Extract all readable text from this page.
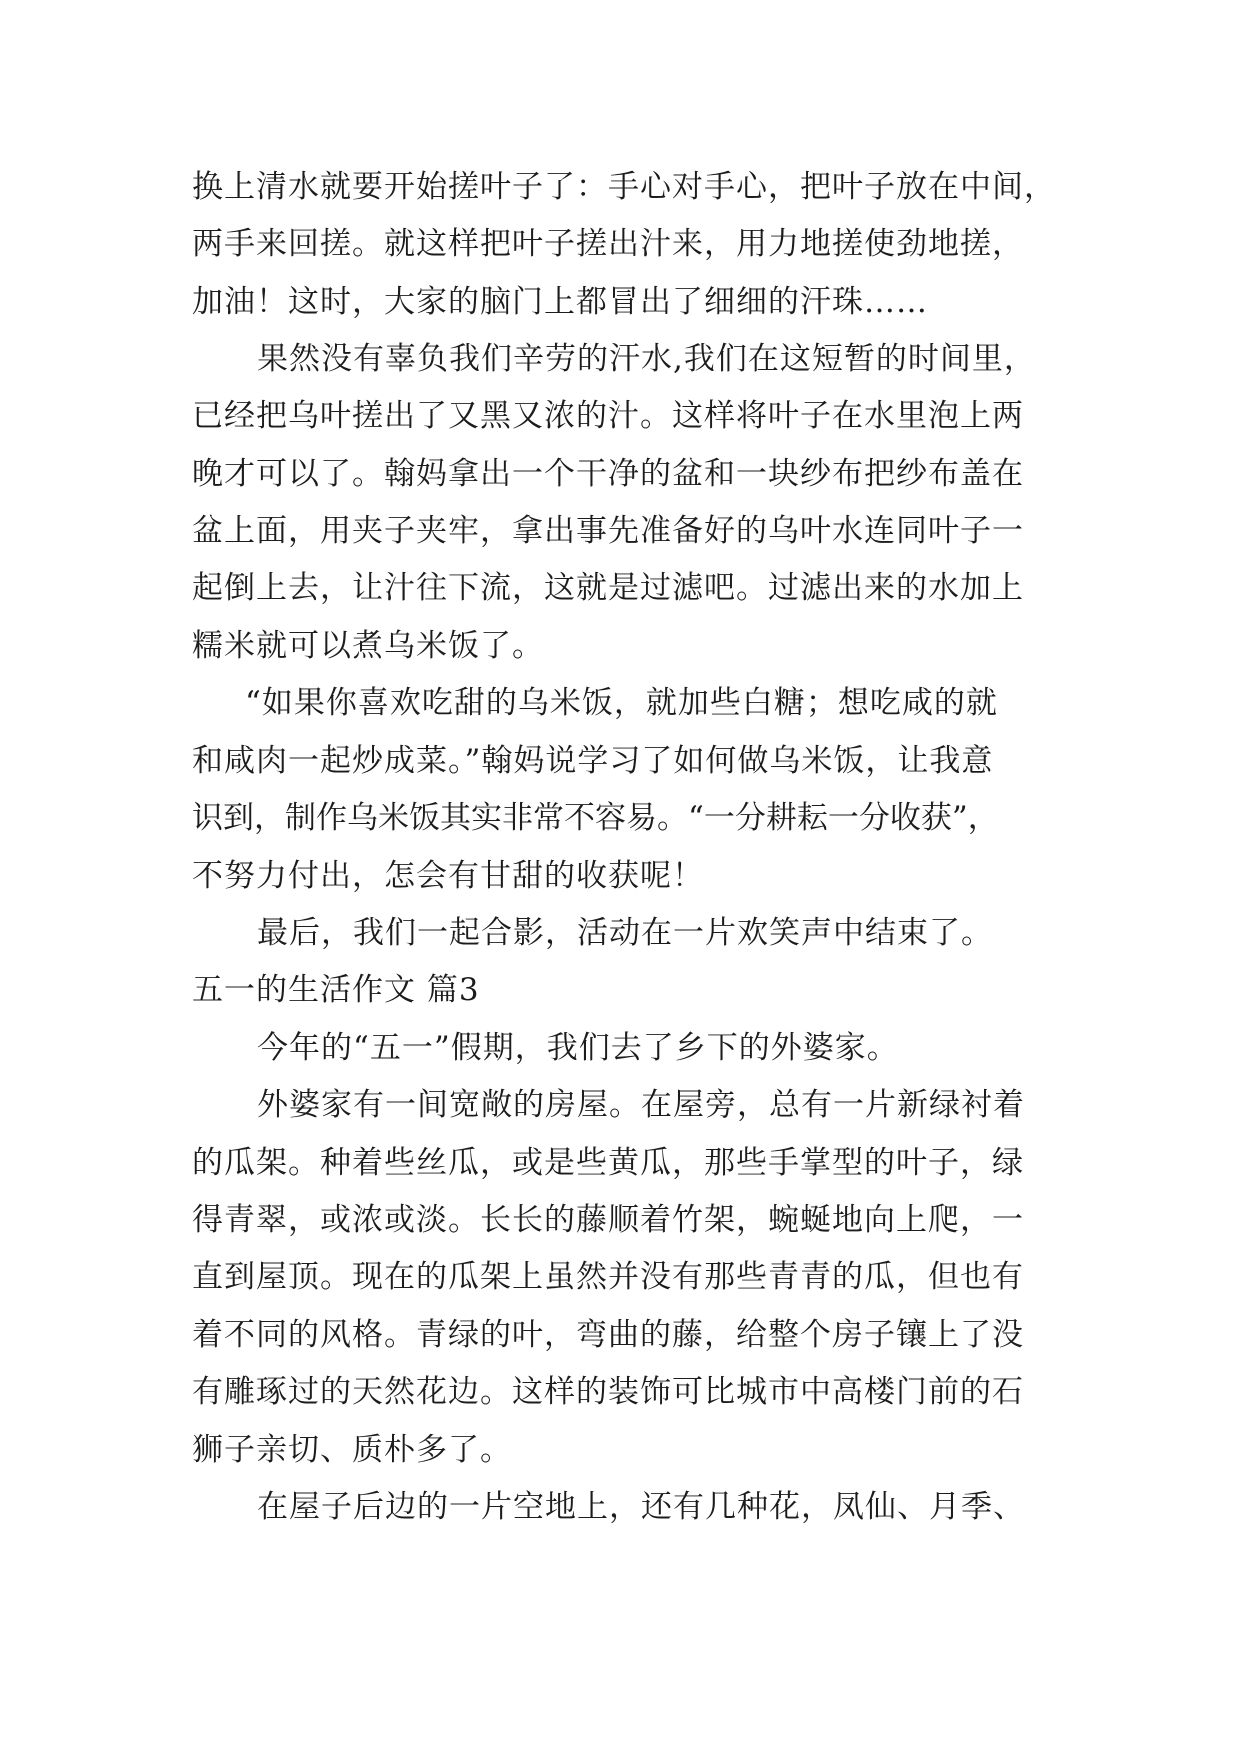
换上清水就要开始搓叶子了：手心对手心，把叶子放在中间，
两手来回搓。就这样把叶子搓出汁来，用力地搓使劲地搓，
加油！这时，大家的脑门上都冒出了细细的汗珠……
果然没有辜负我们辛劳的汗水,我们在这短暂的时间里，
已经把乌叶搓出了又黑又浓的汁。这样将叶子在水里泡上两
晚才可以了。翰妈拿出一个干净的盆和一块纱布把纱布盖在
盆上面，用夹子夹牢，拿出事先准备好的乌叶水连同叶子一
起倒上去，让汁往下流，这就是过滤吧。过滤出来的水加上
糯米就可以煮乌米饭了。
“如果你喜欢吃甜的乌米饭，就加些白糖；想吃咸的就
和咸肉一起炒成菜。”翰妈说学习了如何做乌米饭，让我意
识到，制作乌米饭其实非常不容易。“一分耕耘一分收获”，
不努力付出，怎会有甘甜的收获呢！
最后，我们一起合影，活动在一片欢笑声中结束了。
五一的生活作文 篇3
今年的“五一”假期，我们去了乡下的外婆家。
外婆家有一间宽敞的房屋。在屋旁，总有一片新绿衬着
的瓜架。种着些丝瓜，或是些黄瓜，那些手掌型的叶子，绿
得青翠，或浓或淡。长长的藤顺着竹架，蜿蜒地向上爬，一
直到屋顶。现在的瓜架上虽然并没有那些青青的瓜，但也有
着不同的风格。青绿的叶，弯曲的藤，给整个房子镶上了没
有雕琢过的天然花边。这样的装饰可比城市中高楼门前的石
狮子亲切、质朴多了。
在屋子后边的一片空地上，还有几种花，凤仙、月季、
